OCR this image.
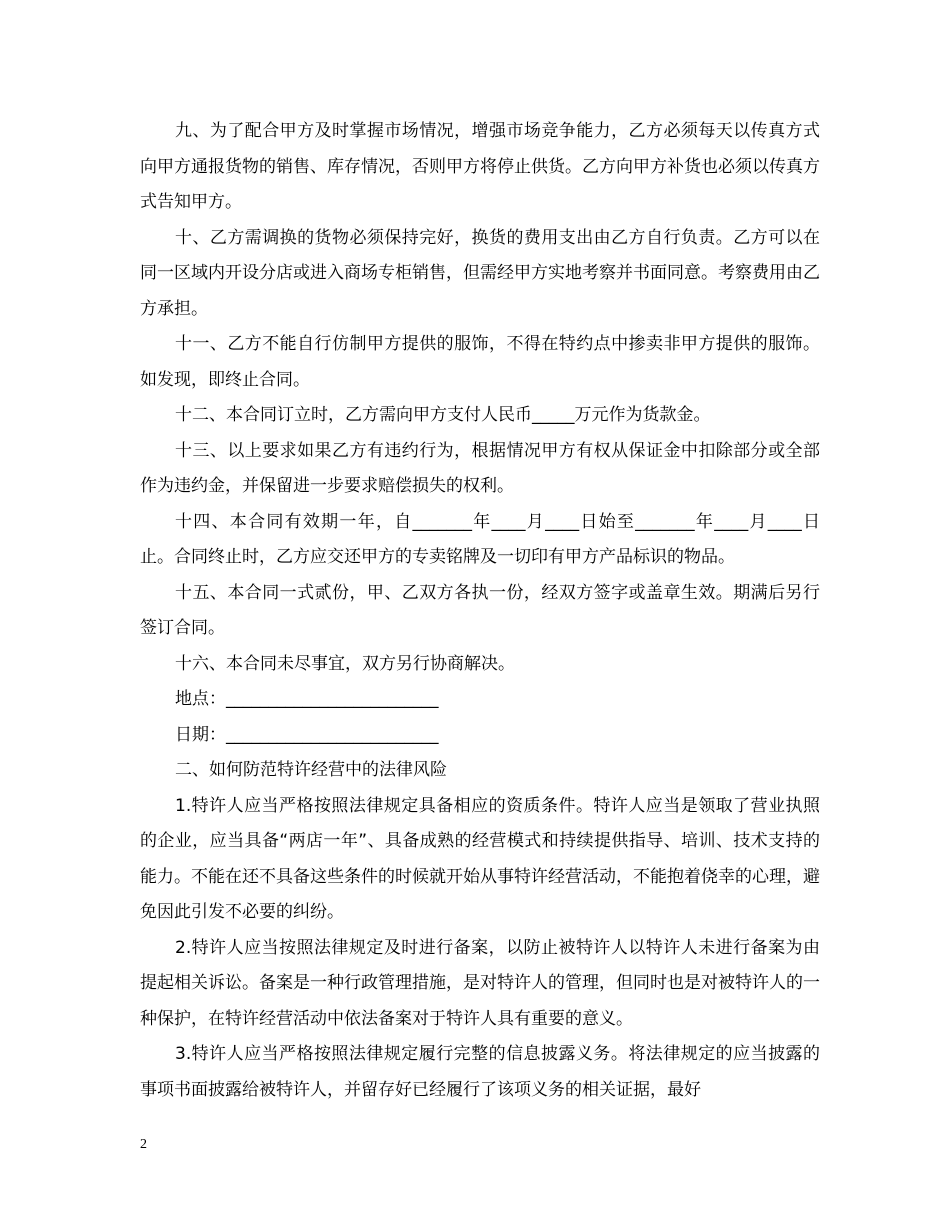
九、为了配合甲方及时掌握市场情况，增强市场竞争能力，乙方必须每天以传真方式向甲方通报货物的销售、库存情况，否则甲方将停止供货。乙方向甲方补货也必须以传真方式告知甲方。

十、乙方需调换的货物必须保持完好，换货的费用支出由乙方自行负责。乙方可以在同一区域内开设分店或进入商场专柜销售，但需经甲方实地考察并书面同意。考察费用由乙方承担。

十一、乙方不能自行仿制甲方提供的服饰，不得在特约点中掺卖非甲方提供的服饰。如发现，即终止合同。

十二、本合同订立时，乙方需向甲方支付人民币_____万元作为货款金。

十三、以上要求如果乙方有违约行为，根据情况甲方有权从保证金中扣除部分或全部作为违约金，并保留进一步要求赔偿损失的权利。

十四、本合同有效期一年，自_______年____月____日始至_______年____月____日止。合同终止时，乙方应交还甲方的专卖铭牌及一切印有甲方产品标识的物品。

十五、本合同一式贰份，甲、乙双方各执一份，经双方签字或盖章生效。期满后另行签订合同。

十六、本合同未尽事宜，双方另行协商解决。

地点：_________________________

日期：_________________________

二、如何防范特许经营中的法律风险

1.特许人应当严格按照法律规定具备相应的资质条件。特许人应当是领取了营业执照的企业，应当具备“两店一年”、具备成熟的经营模式和持续提供指导、培训、技术支持的能力。不能在还不具备这些条件的时候就开始从事特许经营活动，不能抱着侥幸的心理，避免因此引发不必要的纠纷。

2.特许人应当按照法律规定及时进行备案，以防止被特许人以特许人未进行备案为由提起相关诉讼。备案是一种行政管理措施，是对特许人的管理，但同时也是对被特许人的一种保护，在特许经营活动中依法备案对于特许人具有重要的意义。

3.特许人应当严格按照法律规定履行完整的信息披露义务。将法律规定的应当披露的事项书面披露给被特许人，并留存好已经履行了该项义务的相关证据，最好

2
